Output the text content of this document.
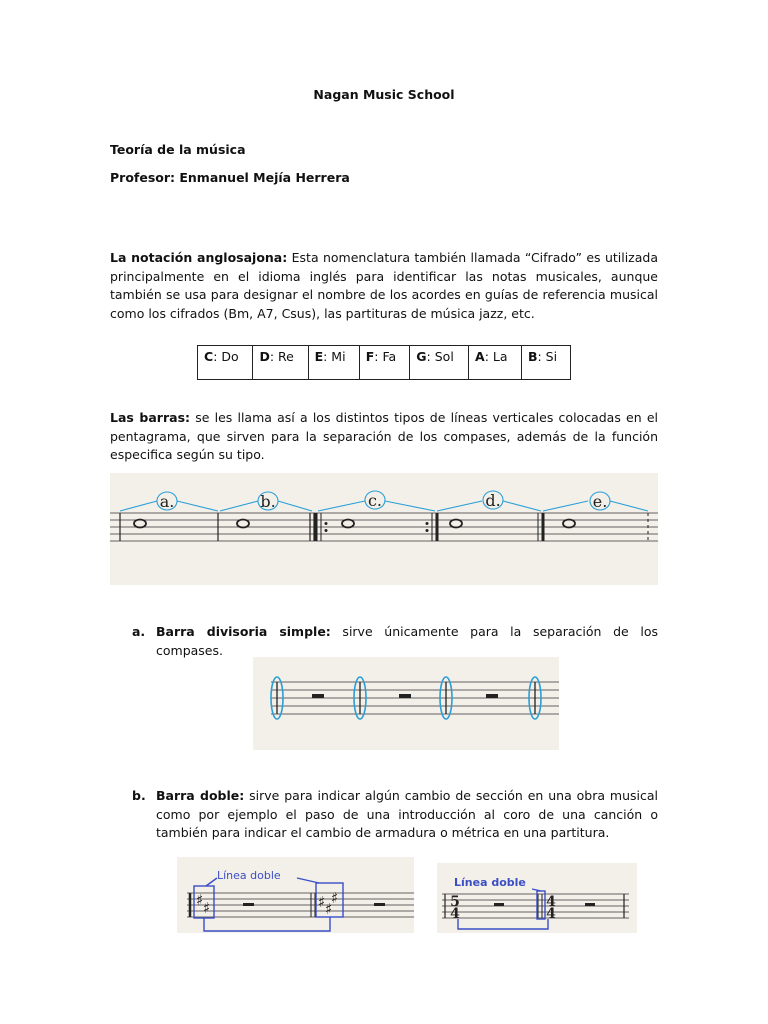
Nagan Music School
Teoría de la música
Profesor: Enmanuel Mejía Herrera
La notación anglosajona: Esta nomenclatura también llamada “Cifrado” es utilizada principalmente en el idioma inglés para identificar las notas musicales, aunque también se usa para designar el nombre de los acordes en guías de referencia musical como los cifrados (Bm, A7, Csus), las partituras de música jazz, etc.
C: Do	D: Re	E: Mi	F: Fa	G: Sol	A: La	B: Si
Las barras: se les llama así a los distintos tipos de líneas verticales colocadas en el pentagrama, que sirven para la separación de los compases, además de la función especifica según su tipo.
a.	b.	c.	d.	e.
a. Barra divisoria simple: sirve únicamente para la separación de los compases.
b. Barra doble: sirve para indicar algún cambio de sección en una obra musical como por ejemplo el paso de una introducción al coro de una canción o también para indicar el cambio de armadura o métrica en una partitura.
♯ ♯	♯ ♯
♯
Línea doble
5
4
4
4
Línea doble
